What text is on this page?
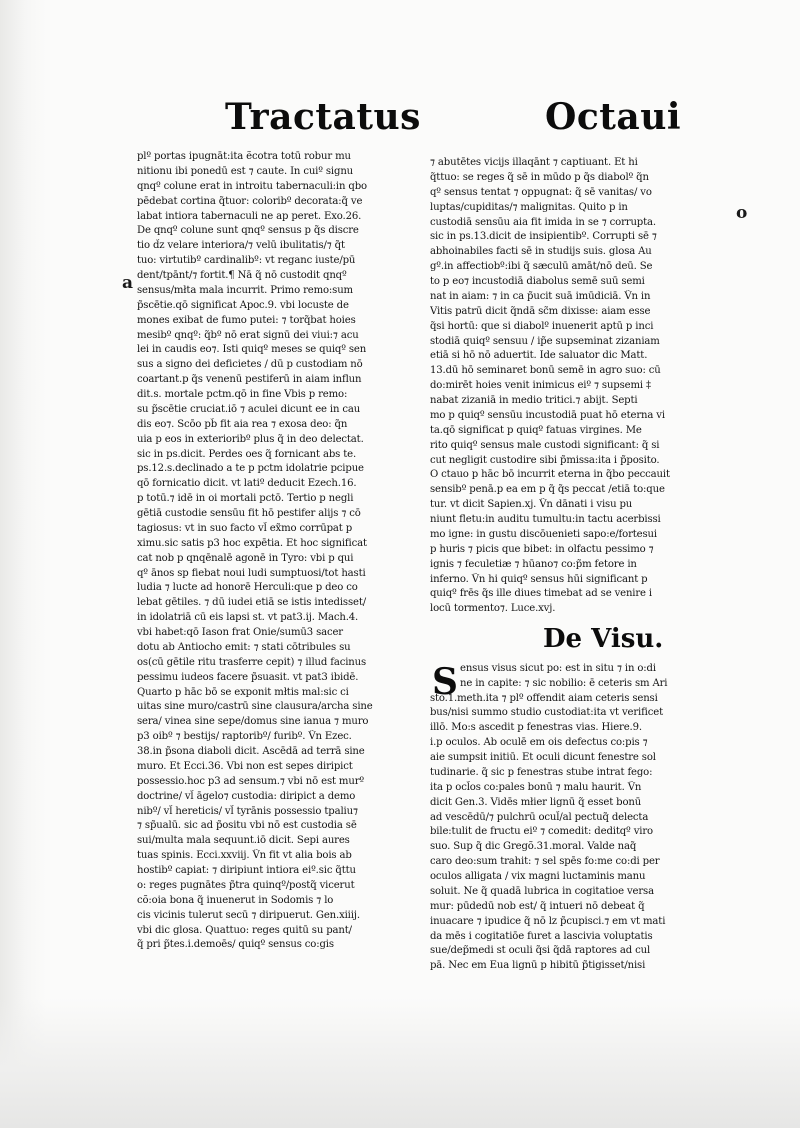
Tractatus	Octaui
a
o
plº portas ipugnāt:ita ẽcotra totū robur mu
nitionu ibi ponedū est ⁊ caute. In cuiº signu
qnqº colune erat in introitu tabernaculi:in qbo
pēdebat cortina q̃tuor: coloribº decorata:q̃ ve
labat intiora tabernaculi ne ap peret. Exo.26.
De qnqº colune sunt qnqº sensus p q̃s discre
tio d̃z velare interiora/⁊ velū ibulitatis/⁊ q̃t
tuo: virtutibº cardinalibº: vt reganc iuste/pū
dent/tpānt/⁊ fortit.¶ Nā q̃ nō custodit qnqº
sensus/młta mala incurrit. Primo remo:sum
p̃scētie.qō significat Apoc.9. vbi locuste de
mones exibat de fumo putei: ⁊ torq̃bat hoies
mesibº qnqº: q̃bº nō erat signū dei viui:⁊ acu
lei in caudis eo⁊. Isti quiqº meses se quiqº sen
sus a signo dei deficietes / dū p custodiam nō
coartant.p q̃s venenū pestiferū in aiam influn
dit.s. mortale pctm.qō in fine Vbis p remo:
su p̃scētie cruciat.iō ⁊ aculei dicunt ee in cau
dis eo⁊. Scōo pb̃ fit aia rea ⁊ exosa deo: q̃n
uia p eos in exterioribº plus q̃ in deo delectat.
sic in ps.dicit. Perdes oes q̃ fornicant abs te.
ps.12.s.declinado a te p pctm idolatrie pcipue
qō fornicatio dicit. vt latiº deducit Ezech.16.
p totū.⁊ idē in oi mortali pctō. Tertio p negli
gētiā custodie sensūu fit hō pestifer alijs ⁊ cō
tagiosus: vt in suo facto vl̃ ex̃mo corrūpat p
ximu.sic satis p3 hoc expētia. Et hoc significat
cat nob p qnqēnalē agonē in Tyro: vbi p qui
qº ānos sp fiebat noui ludi sumptuosi/tot hasti
ludia ⁊ lucte ad honorē Herculi:que p deo co
lebat gētiles. ⁊ dū iudei etiā se istis intedisset/
in idolatriā cū eis lapsi st. vt pat3.ij. Mach.4.
vbi habet:qō Iason frat Onie/sumū3 sacer
dotu ab Antiocho emit: ⁊ stati cōtribules su
os(cū gētile ritu trasferre cepit) ⁊ illud facinus
pessimu iudeos facere p̃suasit. vt pat3 ibidē.
Quarto p hāc bō se exponit młtis mal:sic ci
uitas sine muro/castrū sine clausura/archa sine
sera/ vinea sine sepe/domus sine ianua ⁊ muro
p3 oibº ⁊ bestijs/ raptoribº/ furibº. Ṽn Ezec.
38.in p̃sona diaboli dicit. Ascēdā ad terrā sine
muro. Et Ecci.36. Vbi non est sepes diripict
possessio.hoc p3 ad sensum.⁊ vbi nō est murº
doctrine/ vl̃ āgelo⁊ custodia: diripict a demo
nibº/ vl̃ hereticis/ vl̃ tyrānis possessio tpaliu⁊
⁊ sp̃ualū. sic ad p̃ositu vbi nō est custodia sē
sui/multa mala sequunt.iō dicit. Sepi aures
tuas spinis. Ecci.xxviij. Ṽn fit vt alia bois ab
hostibº capiat: ⁊ diripiunt intiora eiº.sic q̃ttu
o: reges pugnātes p̃tra quinqº/postq̃ vicerut
cõ:oia bona q̃ inuenerut in Sodomis ⁊ lo
cis vicinis tulerut secū ⁊ diripuerut. Gen.xiiij.
vbi dic glosa. Quattuo: reges quitū su pant/
q̃ pri p̃tes.i.demoēs/ quiqº sensus co:gis
⁊ abutētes vicijs illaqānt ⁊ captiuant. Et hi
q̃ttuo: se reges q̃ sē in mūdo p q̃s diabolº q̃n
qº sensus tentat ⁊ oppugnat: q̃ sē vanitas/ vo
luptas/cupiditas/⁊ malignitas. Quito p in
custodiā sensūu aia fit imida in se ⁊ corrupta.
sic in ps.13.dicit de insipientibº. Corrupti sē ⁊
abhoinabiles facti sē in studijs suis. glosa Au
gº.in affectiobº:ibi q̃ sæculū amāt/nō deū. Se
to p eo⁊ incustodiā diabolus semē suū semi
nat in aiam: ⁊ in ca p̃ucit suā imūdiciā. Ṽn in
Vitis patrū dicit q̃ndā sc̃m dixisse: aiam esse
q̃si hortū: que si diabolº inuenerit aptū p inci
stodiā quiqº sensuu / ip̃e supseminat zizaniam
etiā si hō nō aduertit. Ide saluator dic Matt.
13.dū hō seminaret bonū semē in agro suo: cū
do:mirēt hoies venit inimicus eiº ⁊ supsemi ‡
nabat zizaniā in medio tritici.⁊ abijt. Septi
mo p quiqº sensūu incustodiā puat hō eterna vi
ta.qō significat p quiqº fatuas virgines. Me
rito quiqº sensus male custodi significant: q̃ si
cut negligit custodire sibi p̃missa:ita i p̃posito.
O ctauo p hāc bō incurrit eterna in q̃bo peccauit
sensibº penā.p ea em p q̃ q̃s peccat /etiā to:que
tur. vt dicit Sapien.xj. Ṽn dānati i visu pu
niunt fletu:in auditu tumultu:in tactu acerbissi
mo igne: in gustu discōuenieti sapo:e/fortesui
p huris ⁊ picis que bibet: in olfactu pessimo ⁊
ignis ⁊ feculetiæ ⁊ hūano⁊ co:p̃m fetore in
inferno. Ṽn hi quiqº sensus hūi significant p
quiqº frēs q̃s ille diues timebat ad se venire i
locū tormento⁊. Luce.xvj.
ensus visus sicut po: est in situ ⁊ in o:di
ne in capite: ⁊ sic nobilio: ē ceteris sm Ari
sto.1.meth.ita ⁊ plº offendit aiam ceteris sensi
bus/nisi summo studio custodiat:ita vt verificet
illō. Mo:s ascedit p fenestras vias. Hiere.9.
i.p oculos. Ab oculē em ois defectus co:pis ⁊
aie sumpsit initiū. Et oculi dicunt fenestre sol
tudinarie. q̃ sic p fenestras stube intrat fego:
ita p ocl̃os co:pales bonū ⁊ malu haurit. Ṽn
dicit Gen.3. Vidēs młier lignū q̃ esset bonū
ad vescēdū/⁊ pulchrū ocul̃/al pectuq̃ delecta
bile:tulit de fructu eiº ⁊ comedit: deditqº viro
suo. Sup q̃ dic Gregõ.31.moral. Valde naq̃
caro deo:sum trahit: ⁊ sel spēs fo:me co:di per
oculos alligata / vix magni luctaminis manu
soluit. Ne q̃ quadā lubrica in cogitatioe versa
mur: pūdedū nob est/ q̃ intueri nō debeat q̃
inuacare ⁊ ipudice q̃ nō lz p̃cupisci.⁊ em vt mati
da mēs i cogitatiōe furet a lascivia voluptatis
sue/dep̃medi st oculi q̃si q̃dā raptores ad cul
pā. Nec em Eua lignū p hibitū p̃tigisset/nisi
De Visu.
S
